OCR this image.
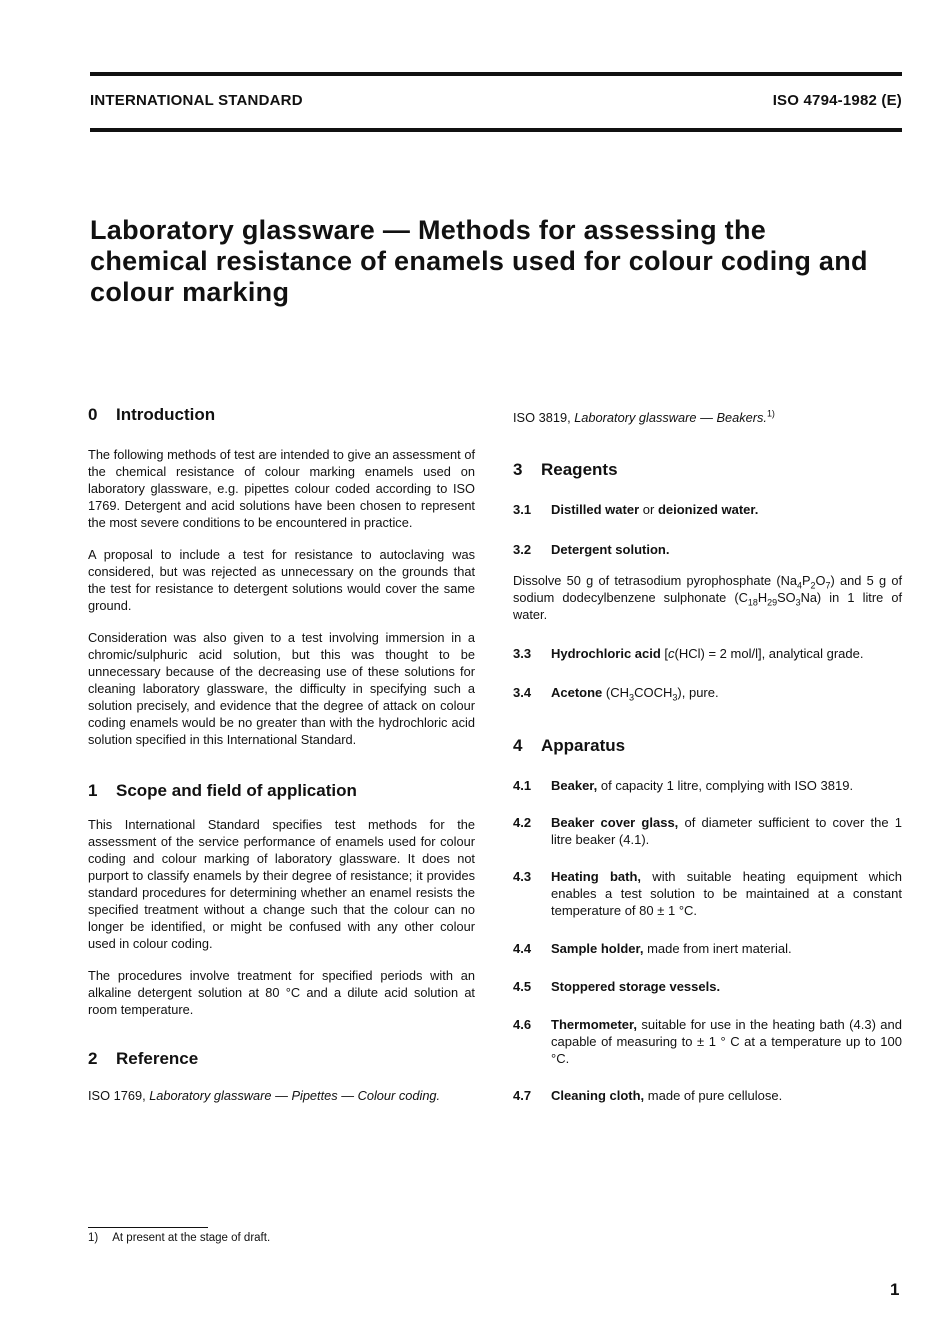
INTERNATIONAL STANDARD	ISO 4794-1982 (E)
Laboratory glassware — Methods for assessing the chemical resistance of enamels used for colour coding and colour marking
0	Introduction

The following methods of test are intended to give an assessment of the chemical resistance of colour marking enamels used on laboratory glassware, e.g. pipettes colour coded according to ISO 1769. Detergent and acid solutions have been chosen to represent the most severe conditions to be encountered in practice.

A proposal to include a test for resistance to autoclaving was considered, but was rejected as unnecessary on the grounds that the test for resistance to detergent solutions would cover the same ground.

Consideration was also given to a test involving immersion in a chromic/sulphuric acid solution, but this was thought to be unnecessary because of the decreasing use of these solutions for cleaning laboratory glassware, the difficulty in specifying such a solution precisely, and evidence that the degree of attack on colour coding enamels would be no greater than with the hydrochloric acid solution specified in this International Standard.

1	Scope and field of application

This International Standard specifies test methods for the assessment of the service performance of enamels used for colour coding and colour marking of laboratory glassware. It does not purport to classify enamels by their degree of resistance; it provides standard procedures for determining whether an enamel resists the specified treatment without a change such that the colour can no longer be identified, or might be confused with any other colour used in colour coding.

The procedures involve treatment for specified periods with an alkaline detergent solution at 80 °C and a dilute acid solution at room temperature.

2	Reference

ISO 1769, Laboratory glassware — Pipettes — Colour coding.

ISO 3819, Laboratory glassware — Beakers.$^{1)}$

3	Reagents
3.1	Distilled water or deionized water.
3.2	Detergent solution.

Dissolve 50 g of tetrasodium pyrophosphate $(Na_4P_2O_7)$ and 5 g of sodium dodecylbenzene sulphonate $(C_{18}H_{29}SO_3Na)$ in 1 litre of water.

3.3	Hydrochloric acid [c(HCl) = 2 mol/l], analytical grade.
3.4	Acetone $(CH_3COCH_3)$, pure.
4	Apparatus
4.1	Beaker, of capacity 1 litre, complying with ISO 3819.
4.2	Beaker cover glass, of diameter sufficient to cover the 1 litre beaker (4.1).
4.3	Heating bath, with suitable heating equipment which enables a test solution to be maintained at a constant temperature of 80 ± 1 °C.
4.4	Sample holder, made from inert material.
4.5	Stoppered storage vessels.
4.6	Thermometer, suitable for use in the heating bath (4.3) and capable of measuring to ± 1 ° C at a temperature up to 100 °C.
4.7	Cleaning cloth, made of pure cellulose.
1) At present at the stage of draft.
1
